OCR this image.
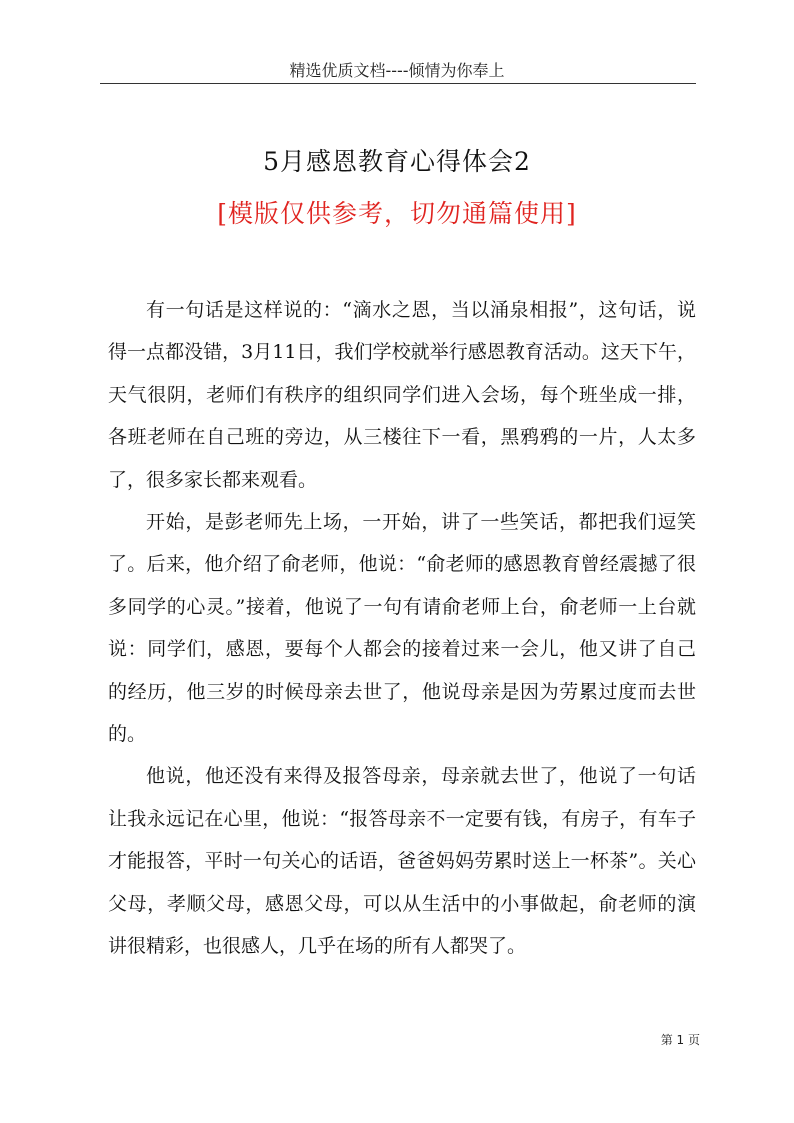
精选优质文档----倾情为你奉上
5月感恩教育心得体会2
[模版仅供参考，切勿通篇使用]

有一句话是这样说的：“滴水之恩，当以涌泉相报”，这句话，说得一点都没错，3月11日，我们学校就举行感恩教育活动。这天下午，天气很阴，老师们有秩序的组织同学们进入会场，每个班坐成一排，各班老师在自己班的旁边，从三楼往下一看，黑鸦鸦的一片，人太多了，很多家长都来观看。

开始，是彭老师先上场，一开始，讲了一些笑话，都把我们逗笑了。后来，他介绍了俞老师，他说：“俞老师的感恩教育曾经震撼了很多同学的心灵。”接着，他说了一句有请俞老师上台，俞老师一上台就说：同学们，感恩，要每个人都会的接着过来一会儿，他又讲了自己的经历，他三岁的时候母亲去世了，他说母亲是因为劳累过度而去世的。

他说，他还没有来得及报答母亲，母亲就去世了，他说了一句话让我永远记在心里，他说：“报答母亲不一定要有钱，有房子，有车子才能报答，平时一句关心的话语，爸爸妈妈劳累时送上一杯茶”。关心父母，孝顺父母，感恩父母，可以从生活中的小事做起，俞老师的演讲很精彩，也很感人，几乎在场的所有人都哭了。

第 1 页
